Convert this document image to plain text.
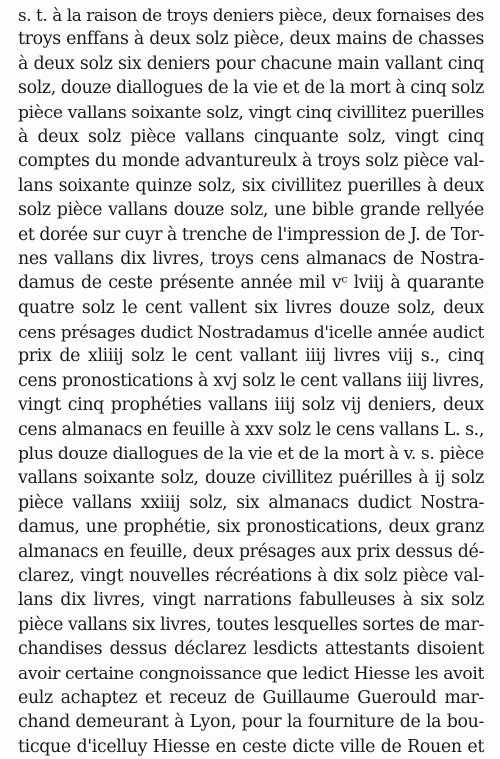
s. t. à la raison de troys deniers pièce, deux fornaises des
troys enffans à deux solz pièce, deux mains de chasses
à deux solz six deniers pour chacune main vallant cinq
solz, douze diallogues de la vie et de la mort à cinq solz
pièce vallans soixante solz, vingt cinq civillitez puerilles
à deux solz pièce vallans cinquante solz, vingt cinq
comptes du monde advantureulx à troys solz pièce val-
lans soixante quinze solz, six civillitez puerilles à deux
solz pièce vallans douze solz, une bible grande rellyée
et dorée sur cuyr à trenche de l'impression de J. de Tor-
nes vallans dix livres, troys cens almanacs de Nostra-
damus de ceste présente année mil vᶜ lviij à quarante
quatre solz le cent vallent six livres douze solz, deux
cens présages dudict Nostradamus d'icelle année audict
prix de xliiij solz le cent vallant iiij livres viij s., cinq
cens pronostications à xvj solz le cent vallans iiij livres,
vingt cinq prophéties vallans iiij solz vij deniers, deux
cens almanacs en feuille à xxv solz le cens vallans L. s.,
plus douze diallogues de la vie et de la mort à v. s. pièce
vallans soixante solz, douze civillitez puérilles à ij solz
pièce vallans xxiiij solz, six almanacs dudict Nostra-
damus, une prophétie, six pronostications, deux granz
almanacs en feuille, deux présages aux prix dessus dé-
clarez, vingt nouvelles récréations à dix solz pièce val-
lans dix livres, vingt narrations fabulleuses à six solz
pièce vallans six livres, toutes lesquelles sortes de mar-
chandises dessus déclarez lesdicts attestants disoient
avoir certaine congnoissance que ledict Hiesse les avoit
eulz achaptez et receuz de Guillaume Guerould mar-
chand demeurant à Lyon, pour la fourniture de la bou-
ticque d'icelluy Hiesse en ceste dicte ville de Rouen et
